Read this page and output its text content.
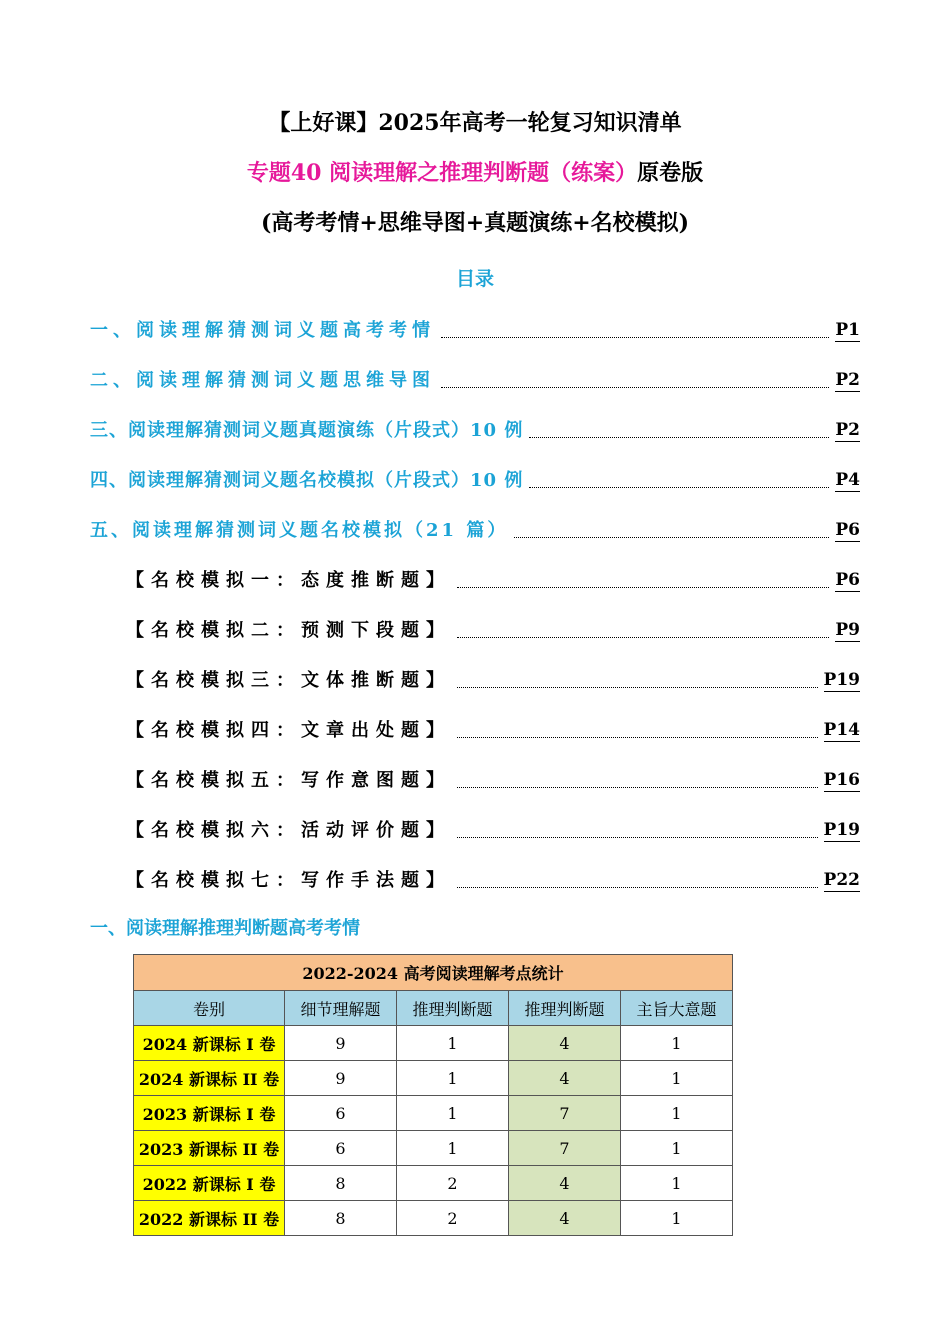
【上好课】2025年高考一轮复习知识清单
专题40 阅读理解之推理判断题（练案）原卷版
(高考考情+思维导图+真题演练+名校模拟)
目录
一、阅读理解猜测词义题高考考情	P1
二、阅读理解猜测词义题思维导图	P2
三、阅读理解猜测词义题真题演练（片段式）10 例	P2
四、阅读理解猜测词义题名校模拟（片段式）10 例	P4
五、阅读理解猜测词义题名校模拟（21 篇）	P6
【名校模拟一：态度推断题】	P6
【名校模拟二：预测下段题】	P9
【名校模拟三：文体推断题】	P19
【名校模拟四：文章出处题】	P14
【名校模拟五：写作意图题】	P16
【名校模拟六：活动评价题】	P19
【名校模拟七：写作手法题】	P22
一、阅读理解推理判断题高考考情
2022-2024 高考阅读理解考点统计				
卷别	细节理解题	推理判断题	推理判断题	主旨大意题
2024 新课标 I 卷	9	1	4	1
2024 新课标 II 卷	9	1	4	1
2023 新课标 I 卷	6	1	7	1
2023 新课标 II 卷	6	1	7	1
2022 新课标 I 卷	8	2	4	1
2022 新课标 II 卷	8	2	4	1
